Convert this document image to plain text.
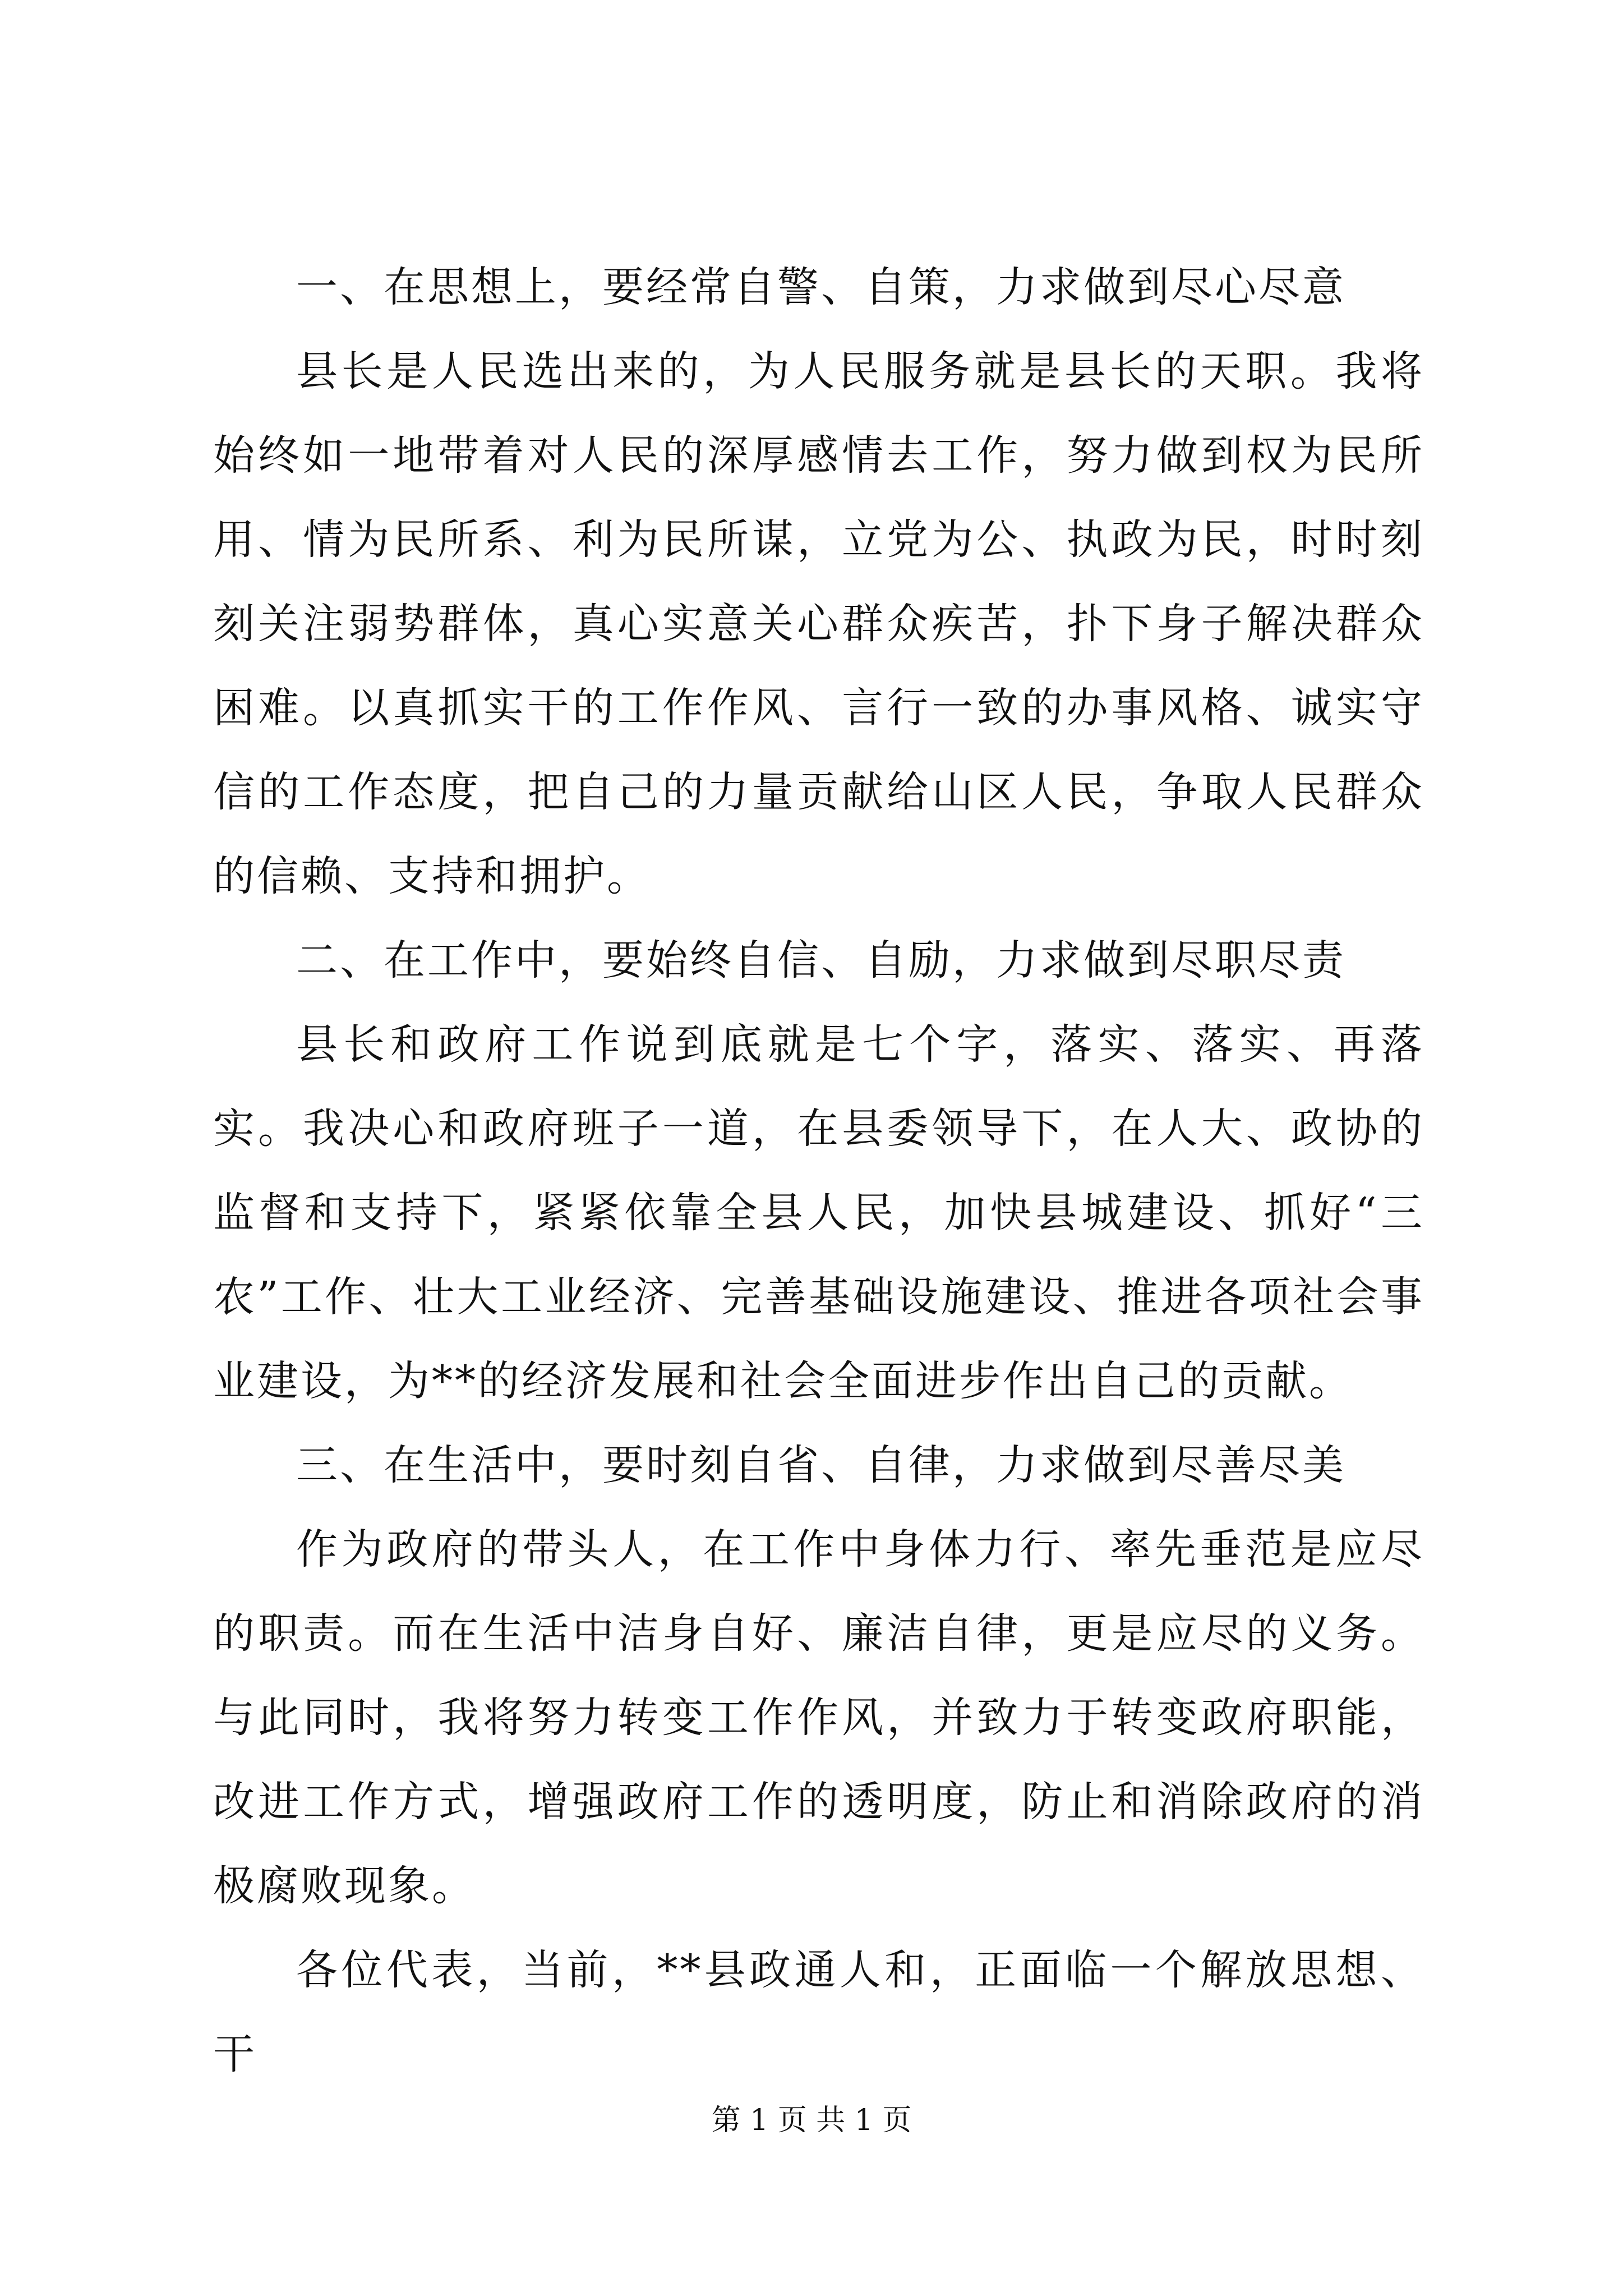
一、在思想上，要经常自警、自策，力求做到尽心尽意

县长是人民选出来的，为人民服务就是县长的天职。我将始终如一地带着对人民的深厚感情去工作，努力做到权为民所用、情为民所系、利为民所谋，立党为公、执政为民，时时刻刻关注弱势群体，真心实意关心群众疾苦，扑下身子解决群众困难。以真抓实干的工作作风、言行一致的办事风格、诚实守信的工作态度，把自己的力量贡献给山区人民，争取人民群众的信赖、支持和拥护。

二、在工作中，要始终自信、自励，力求做到尽职尽责

县长和政府工作说到底就是七个字，落实、落实、再落实。我决心和政府班子一道，在县委领导下，在人大、政协的监督和支持下，紧紧依靠全县人民，加快县城建设、抓好“三农”工作、壮大工业经济、完善基础设施建设、推进各项社会事业建设，为**的经济发展和社会全面进步作出自己的贡献。

三、在生活中，要时刻自省、自律，力求做到尽善尽美

作为政府的带头人，在工作中身体力行、率先垂范是应尽的职责。而在生活中洁身自好、廉洁自律，更是应尽的义务。与此同时，我将努力转变工作作风，并致力于转变政府职能，改进工作方式，增强政府工作的透明度，防止和消除政府的消极腐败现象。

各位代表，当前，**县政通人和，正面临一个解放思想、干

第 1 页 共 1 页
